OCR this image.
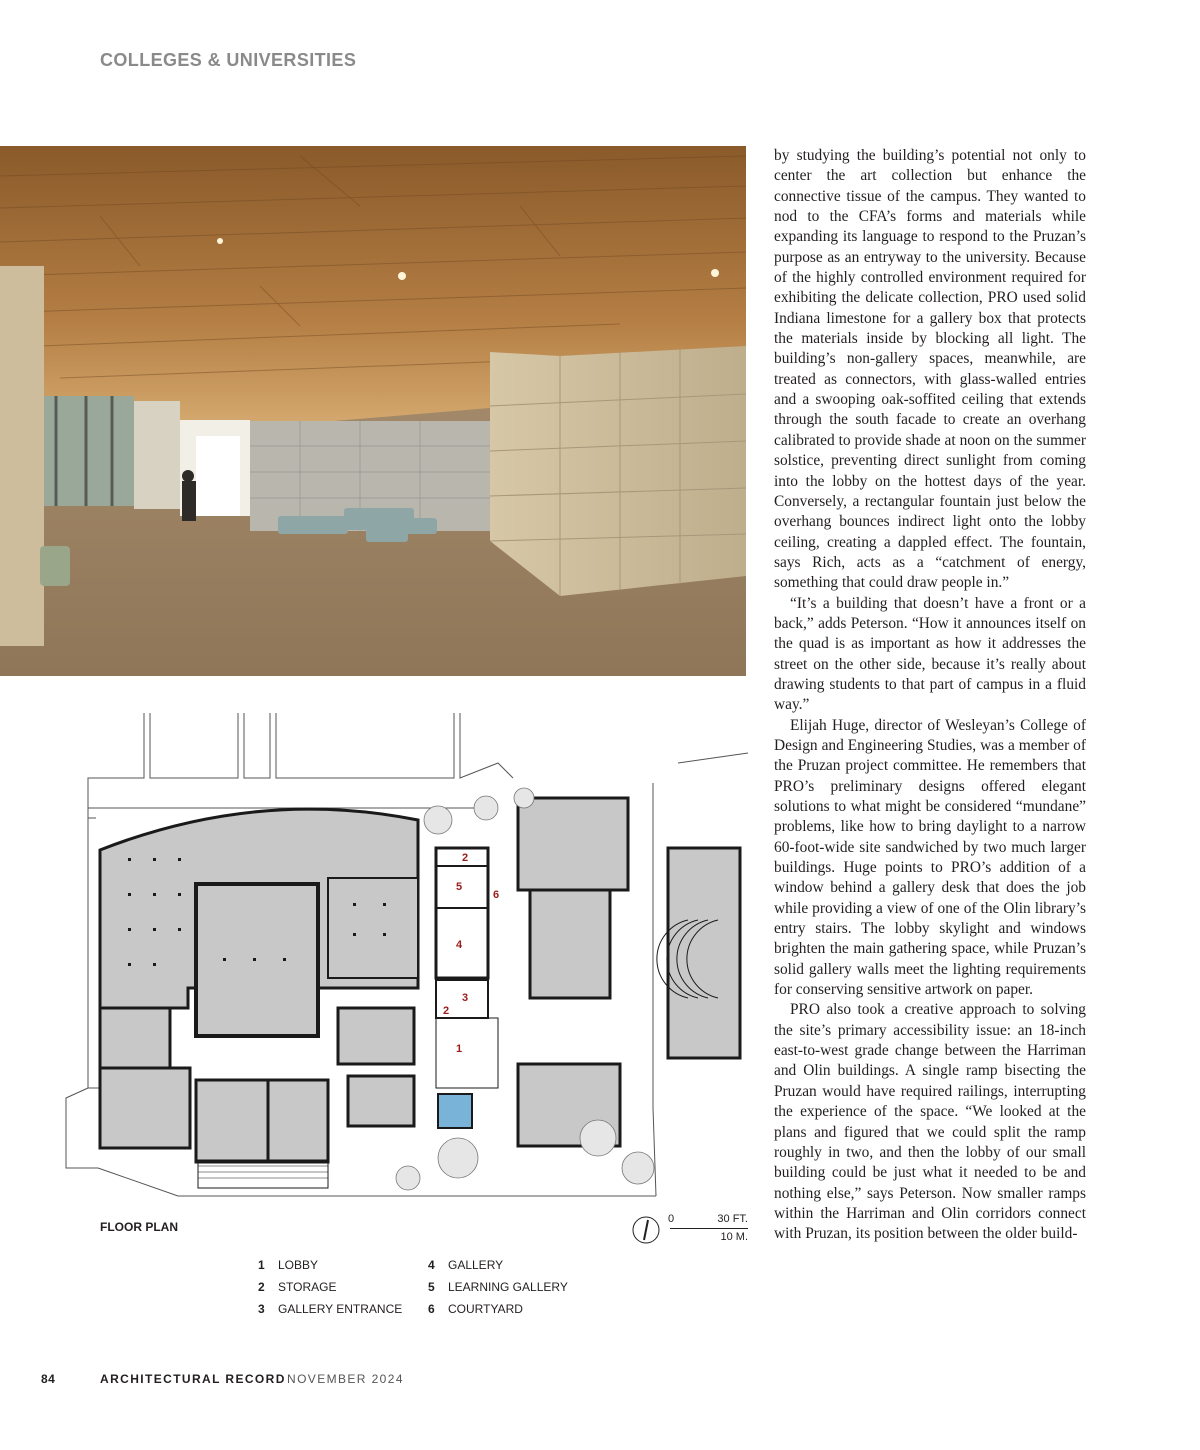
COLLEGES & UNIVERSITIES
2
5
6
4
3
2
1
FLOOR PLAN
0	30 FT.
10 M.
1 LOBBY
2 STORAGE
3 GALLERY ENTRANCE
4 GALLERY
5 LEARNING GALLERY
6 COURTYARD

by studying the building’s potential not only to center the art collection but enhance the connective tissue of the campus. They wanted to nod to the CFA’s forms and materials while expanding its language to respond to the Pruzan’s purpose as an entryway to the university. Because of the highly controlled environment required for exhibiting the delicate collection, PRO used solid Indiana limestone for a gallery box that protects the materials inside by blocking all light. The building’s non-gallery spaces, meanwhile, are treated as connectors, with glass-walled entries and a swooping oak-soffited ceiling that extends through the south facade to create an overhang calibrated to provide shade at noon on the summer solstice, preventing direct sunlight from coming into the lobby on the hottest days of the year. Conversely, a rectangular fountain just below the overhang bounces indirect light onto the lobby ceiling, creating a dappled effect. The fountain, says Rich, acts as a “catchment of energy, something that could draw people in.”

“It’s a building that doesn’t have a front or a back,” adds Peterson. “How it announces itself on the quad is as important as how it addresses the street on the other side, because it’s really about drawing students to that part of campus in a fluid way.”

Elijah Huge, director of Wesleyan’s College of Design and Engineering Studies, was a member of the Pruzan project committee. He remembers that PRO’s preliminary designs offered elegant solutions to what might be considered “mundane” problems, like how to bring daylight to a narrow 60-foot-wide site sandwiched by two much larger buildings. Huge points to PRO’s addition of a window behind a gallery desk that does the job while providing a view of one of the Olin library’s entry stairs. The lobby skylight and windows brighten the main gathering space, while Pruzan’s solid gallery walls meet the lighting requirements for conserving sensitive artwork on paper.

PRO also took a creative approach to solving the site’s primary accessibility issue: an 18-inch east-to-west grade change between the Harriman and Olin buildings. A single ramp bisecting the Pruzan would have required railings, interrupting the experience of the space. “We looked at the plans and figured that we could split the ramp roughly in two, and then the lobby of our small building could be just what it needed to be and nothing else,” says Peterson. Now smaller ramps within the Harriman and Olin corridors connect with Pruzan, its position between the older build-

84	ARCHITECTURAL RECORD NOVEMBER 2024
